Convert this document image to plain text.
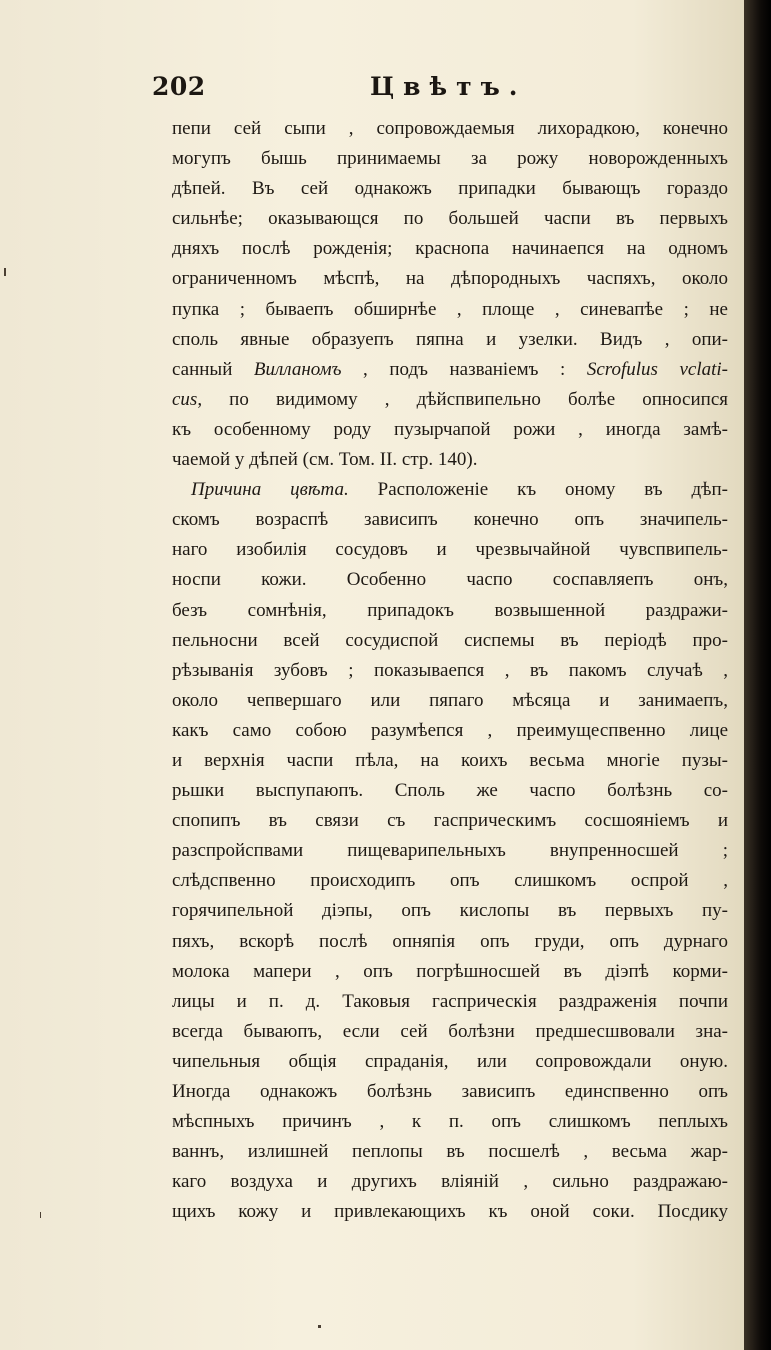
202	Цвѣтъ.
пепи сей сыпи , сопровождаемыя лихорадкою, конечно
могупъ бышь принимаемы за рожу новорожденныхъ
дѣпей. Въ сей однакожъ припадки бывающъ гораздо
сильнѣе; оказывающся по большей часпи въ первыхъ
дняхъ послѣ рожденія; краснопа начинаепся на одномъ
ограниченномъ мѣспѣ, на дѣпородныхъ часпяхъ, около
пупка ; бываепъ обширнѣе , площе , синевапѣе ; не
споль явные образуепъ пяпна и узелки. Видъ , опи-
санный Вилланомъ , подъ названіемъ : Scrofulus vclati-
cus, по видимому , дѣйспвипельно болѣе опносипся
къ особенному роду пузырчапой рожи , иногда замѣ-
чаемой у дѣпей (см. Том. II. стр. 140).
 Причина цвѣта. Расположеніе къ оному въ дѣп-
скомъ возраспѣ зависипъ конечно опъ значипель-
наго изобилія сосудовъ и чрезвычайной чувспвипель-
носпи кожи. Особенно часпо соспавляепъ онъ,
безъ сомнѣнія, припадокъ возвышенной раздражи-
пельносни всей сосудиспой сиспемы въ періодѣ про-
рѣзыванія зубовъ ; показываепся , въ пакомъ случаѣ ,
около чепвершаго или пяпаго мѣсяца и занимаепъ,
какъ само собою разумѣепся , преимущеспвенно лице
и верхнія часпи пѣла, на коихъ весьма многіе пузы-
рьшки выспупаюпъ. Споль же часпо болѣзнь со-
спопипъ въ связи съ гасприческимъ сосшояніемъ и
разспройспвами пищеварипельныхъ внупренносшей ;
слѣдспвенно происходипъ опъ слишкомъ оспрой ,
горячипельной діэпы, опъ кислопы въ первыхъ пу-
пяхъ, вскорѣ послѣ опняпія опъ груди, опъ дурнаго
молока мапери , опъ погрѣшносшей въ діэпѣ корми-
лицы и п. д. Таковыя гасприческія раздраженія почпи
всегда бываюпъ, если сей болѣзни предшесшвовали зна-
чипельныя общія спраданія, или сопровождали оную.
Иногда однакожъ болѣзнь зависипъ единспвенно опъ
мѣспныхъ причинъ , к п. опъ слишкомъ пеплыхъ
ваннъ, излишней пеплопы въ посшелѣ , весьма жар-
каго воздуха и другихъ вліяній , сильно раздражаю-
щихъ кожу и привлекающихъ къ оной соки. Посдику
